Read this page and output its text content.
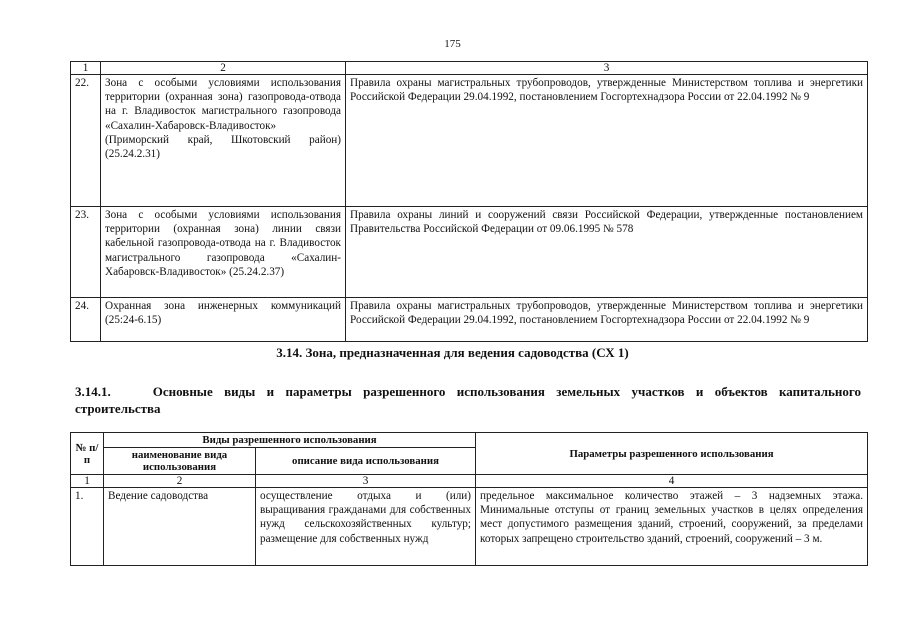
175
1	2	3
22.	Зона с особыми условиями использования территории (охранная зона) газопровода-отвода на г. Владивосток магистрального газопровода «Сахалин-Хабаровск-Владивосток» (Приморский край, Шкотовский район) (25.24.2.31)	Правила охраны магистральных трубопроводов, утвержденные Министерством топлива и энергетики Российской Федерации 29.04.1992, постановлением Госгортехнадзора России от 22.04.1992 № 9
23.	Зона с особыми условиями использования территории (охранная зона) линии связи кабельной газопровода-отвода на г. Владивосток магистрального газопровода «Сахалин-Хабаровск-Владивосток» (25.24.2.37)	Правила охраны линий и сооружений связи Российской Федерации, утвержденные постановлением Правительства Российской Федерации от 09.06.1995 № 578
24.	Охранная зона инженерных коммуникаций (25:24-6.15)	Правила охраны магистральных трубопроводов, утвержденные Министерством топлива и энергетики Российской Федерации 29.04.1992, постановлением Госгортехнадзора России от 22.04.1992 № 9
3.14. Зона, предназначенная для ведения садоводства (СХ 1)
3.14.1.	Основные виды и параметры разрешенного использования земельных участков и объектов капитального строительства
№ п/п	Виды разрешенного использования		Параметры разрешенного использования
	наименование вида использования	описание вида использования	
1	2	3	4
1.	Ведение садоводства	осуществление отдыха и (или) выращивания гражданами для собственных нужд сельскохозяйственных культур; размещение для собственных нужд	предельное максимальное количество этажей – 3 надземных этажа. Минимальные отступы от границ земельных участков в целях определения мест допустимого размещения зданий, строений, сооружений, за пределами которых запрещено строительство зданий, строений, сооружений – 3 м.
